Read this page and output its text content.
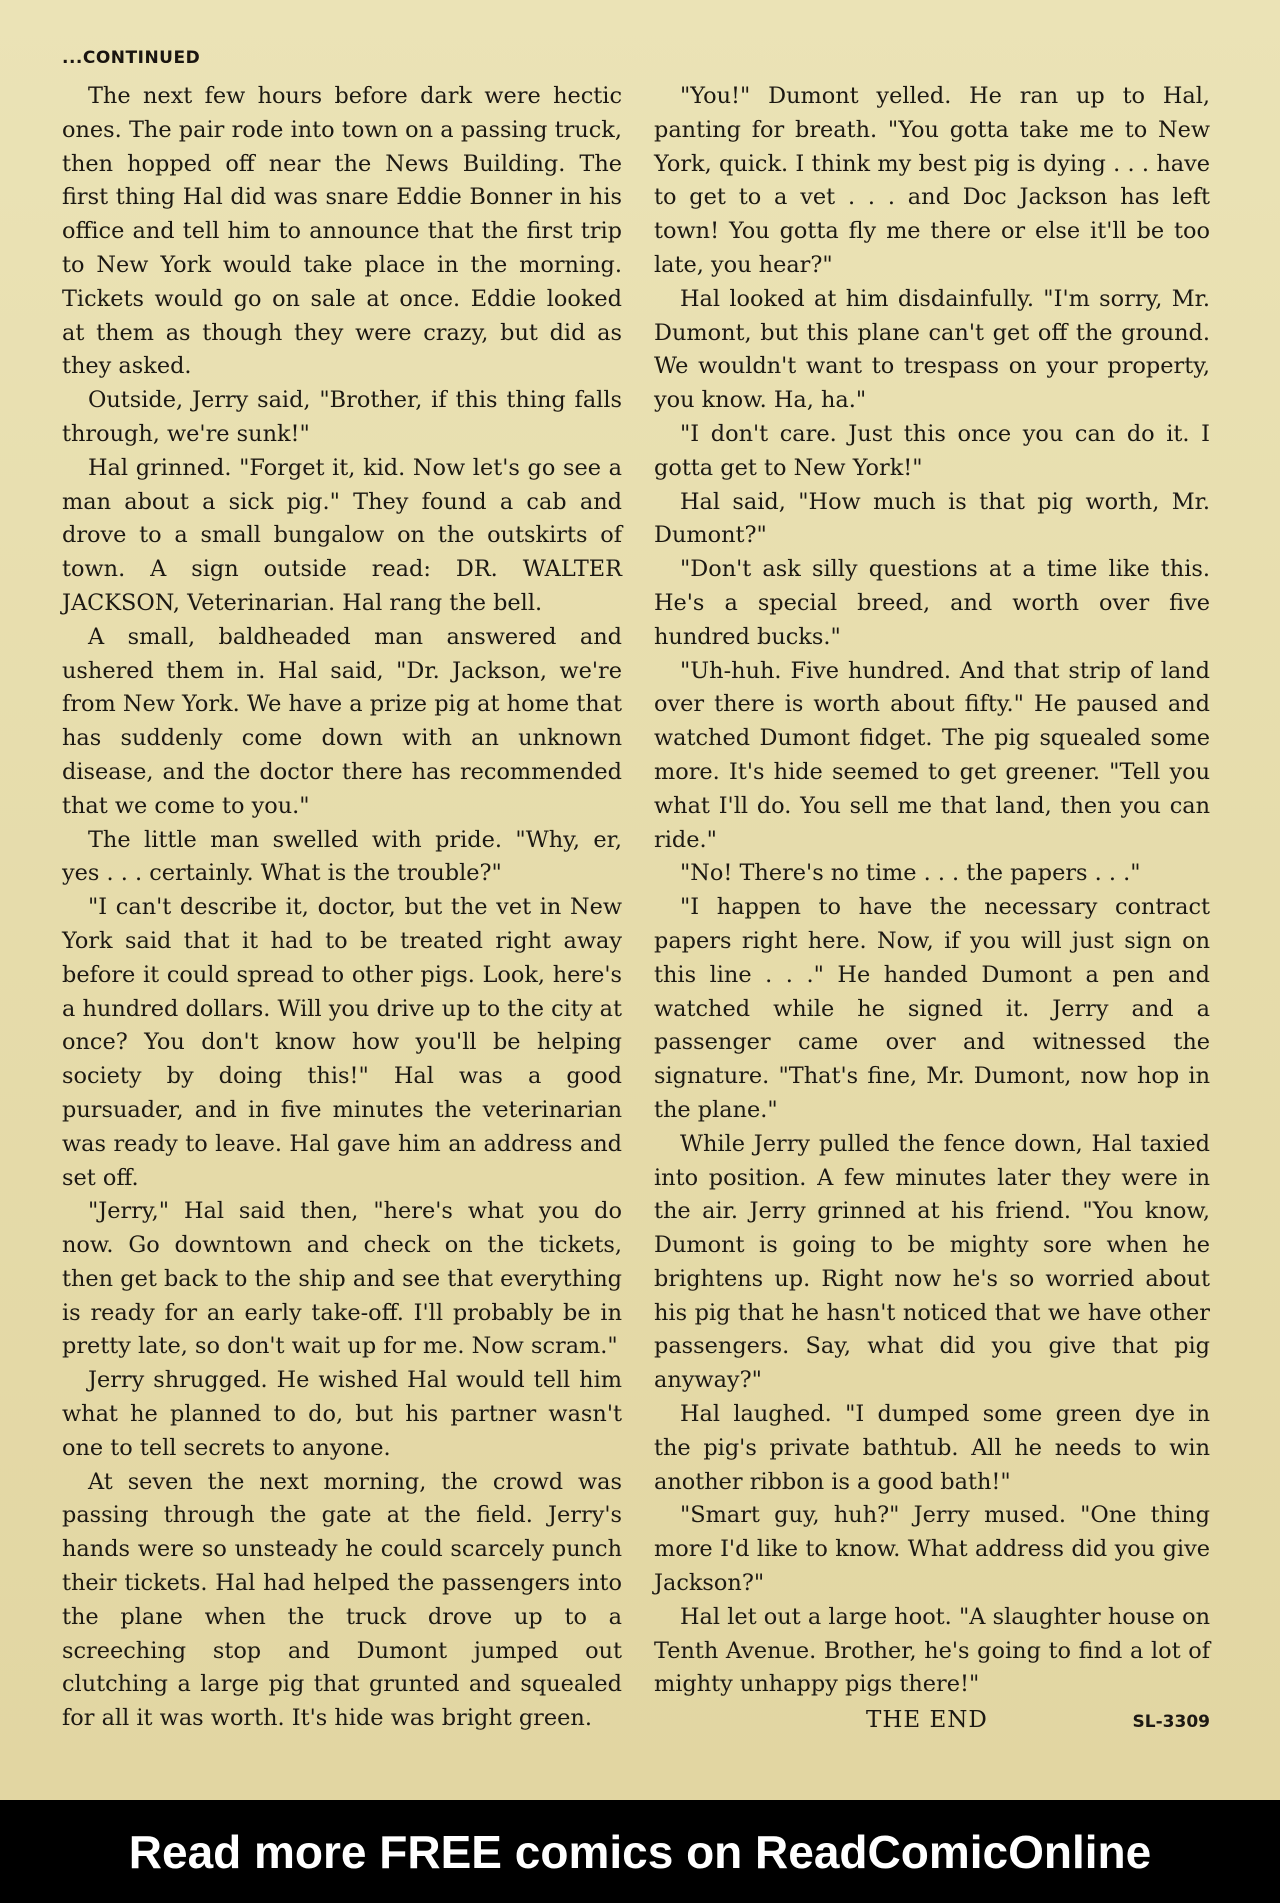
...CONTINUED

The next few hours before dark were hectic ones. The pair rode into town on a passing truck, then hopped off near the News Building. The first thing Hal did was snare Eddie Bonner in his office and tell him to announce that the first trip to New York would take place in the morning. Tickets would go on sale at once. Eddie looked at them as though they were crazy, but did as they asked.

Outside, Jerry said, "Brother, if this thing falls through, we're sunk!"

Hal grinned. "Forget it, kid. Now let's go see a man about a sick pig." They found a cab and drove to a small bungalow on the outskirts of town. A sign outside read: DR. WALTER JACKSON, Veterinarian. Hal rang the bell.

A small, baldheaded man answered and ushered them in. Hal said, "Dr. Jackson, we're from New York. We have a prize pig at home that has suddenly come down with an unknown disease, and the doctor there has recommended that we come to you."

The little man swelled with pride. "Why, er, yes . . . certainly. What is the trouble?"

"I can't describe it, doctor, but the vet in New York said that it had to be treated right away before it could spread to other pigs. Look, here's a hundred dollars. Will you drive up to the city at once? You don't know how you'll be helping society by doing this!" Hal was a good pursuader, and in five minutes the veterinarian was ready to leave. Hal gave him an address and set off.

"Jerry," Hal said then, "here's what you do now. Go downtown and check on the tickets, then get back to the ship and see that everything is ready for an early take-off. I'll probably be in pretty late, so don't wait up for me. Now scram."

Jerry shrugged. He wished Hal would tell him what he planned to do, but his partner wasn't one to tell secrets to anyone.

At seven the next morning, the crowd was passing through the gate at the field. Jerry's hands were so unsteady he could scarcely punch their tickets. Hal had helped the passengers into the plane when the truck drove up to a screeching stop and Dumont jumped out clutching a large pig that grunted and squealed for all it was worth. It's hide was bright green.

"You!" Dumont yelled. He ran up to Hal, panting for breath. "You gotta take me to New York, quick. I think my best pig is dying . . . have to get to a vet . . . and Doc Jackson has left town! You gotta fly me there or else it'll be too late, you hear?"

Hal looked at him disdainfully. "I'm sorry, Mr. Dumont, but this plane can't get off the ground. We wouldn't want to trespass on your property, you know. Ha, ha."

"I don't care. Just this once you can do it. I gotta get to New York!"

Hal said, "How much is that pig worth, Mr. Dumont?"

"Don't ask silly questions at a time like this. He's a special breed, and worth over five hundred bucks."

"Uh-huh. Five hundred. And that strip of land over there is worth about fifty." He paused and watched Dumont fidget. The pig squealed some more. It's hide seemed to get greener. "Tell you what I'll do. You sell me that land, then you can ride."

"No! There's no time . . . the papers . . ."

"I happen to have the necessary contract papers right here. Now, if you will just sign on this line . . ." He handed Dumont a pen and watched while he signed it. Jerry and a passenger came over and witnessed the signature. "That's fine, Mr. Dumont, now hop in the plane."

While Jerry pulled the fence down, Hal taxied into position. A few minutes later they were in the air. Jerry grinned at his friend. "You know, Dumont is going to be mighty sore when he brightens up. Right now he's so worried about his pig that he hasn't noticed that we have other passengers. Say, what did you give that pig anyway?"

Hal laughed. "I dumped some green dye in the pig's private bathtub. All he needs to win another ribbon is a good bath!"

"Smart guy, huh?" Jerry mused. "One thing more I'd like to know. What address did you give Jackson?"

Hal let out a large hoot. "A slaughter house on Tenth Avenue. Brother, he's going to find a lot of mighty unhappy pigs there!"

THE END	SL-3309
Read more FREE comics on ReadComicOnline
